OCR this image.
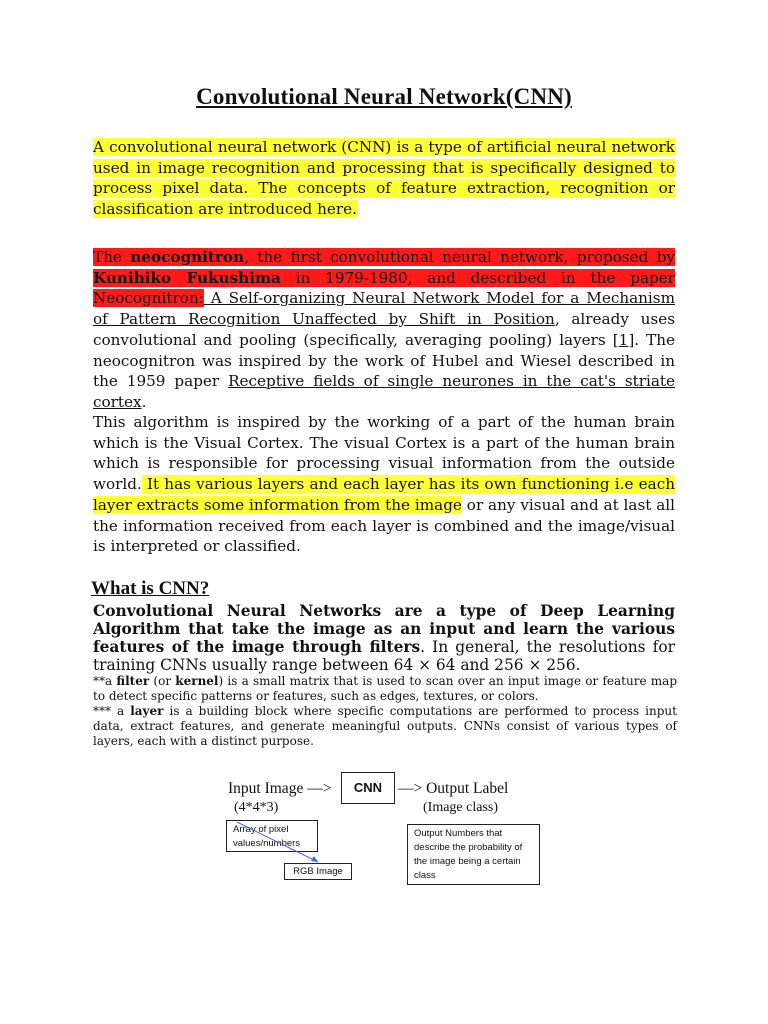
Convolutional Neural Network(CNN)
A convolutional neural network (CNN) is a type of artificial neural network used in image recognition and processing that is specifically designed to process pixel data. The concepts of feature extraction, recognition or classification are introduced here.
The neocognitron, the first convolutional neural network, proposed by Kunihiko Fukushima in 1979-1980, and described in the paper Neocognitron: A Self-organizing Neural Network Model for a Mechanism of Pattern Recognition Unaffected by Shift in Position, already uses convolutional and pooling (specifically, averaging pooling) layers [1]. The neocognitron was inspired by the work of Hubel and Wiesel described in the 1959 paper Receptive fields of single neurones in the cat's striate cortex.
This algorithm is inspired by the working of a part of the human brain which is the Visual Cortex. The visual Cortex is a part of the human brain which is responsible for processing visual information from the outside world. It has various layers and each layer has its own functioning i.e each layer extracts some information from the image or any visual and at last all the information received from each layer is combined and the image/visual is interpreted or classified.
What is CNN?
Convolutional Neural Networks are a type of Deep Learning Algorithm that take the image as an input and learn the various features of the image through filters. In general, the resolutions for training CNNs usually range between 64 × 64 and 256 × 256.
**a filter (or kernel) is a small matrix that is used to scan over an input image or feature map to detect specific patterns or features, such as edges, textures, or colors.
*** a layer is a building block where specific computations are performed to process input data, extract features, and generate meaningful outputs. CNNs consist of various types of layers, each with a distinct purpose.
Input Image —>
(4*4*3)
CNN	—> Output Label
(Image class)
Array of pixel values/numbers
RGB Image
Output Numbers that describe the probability of the image being a certain class
